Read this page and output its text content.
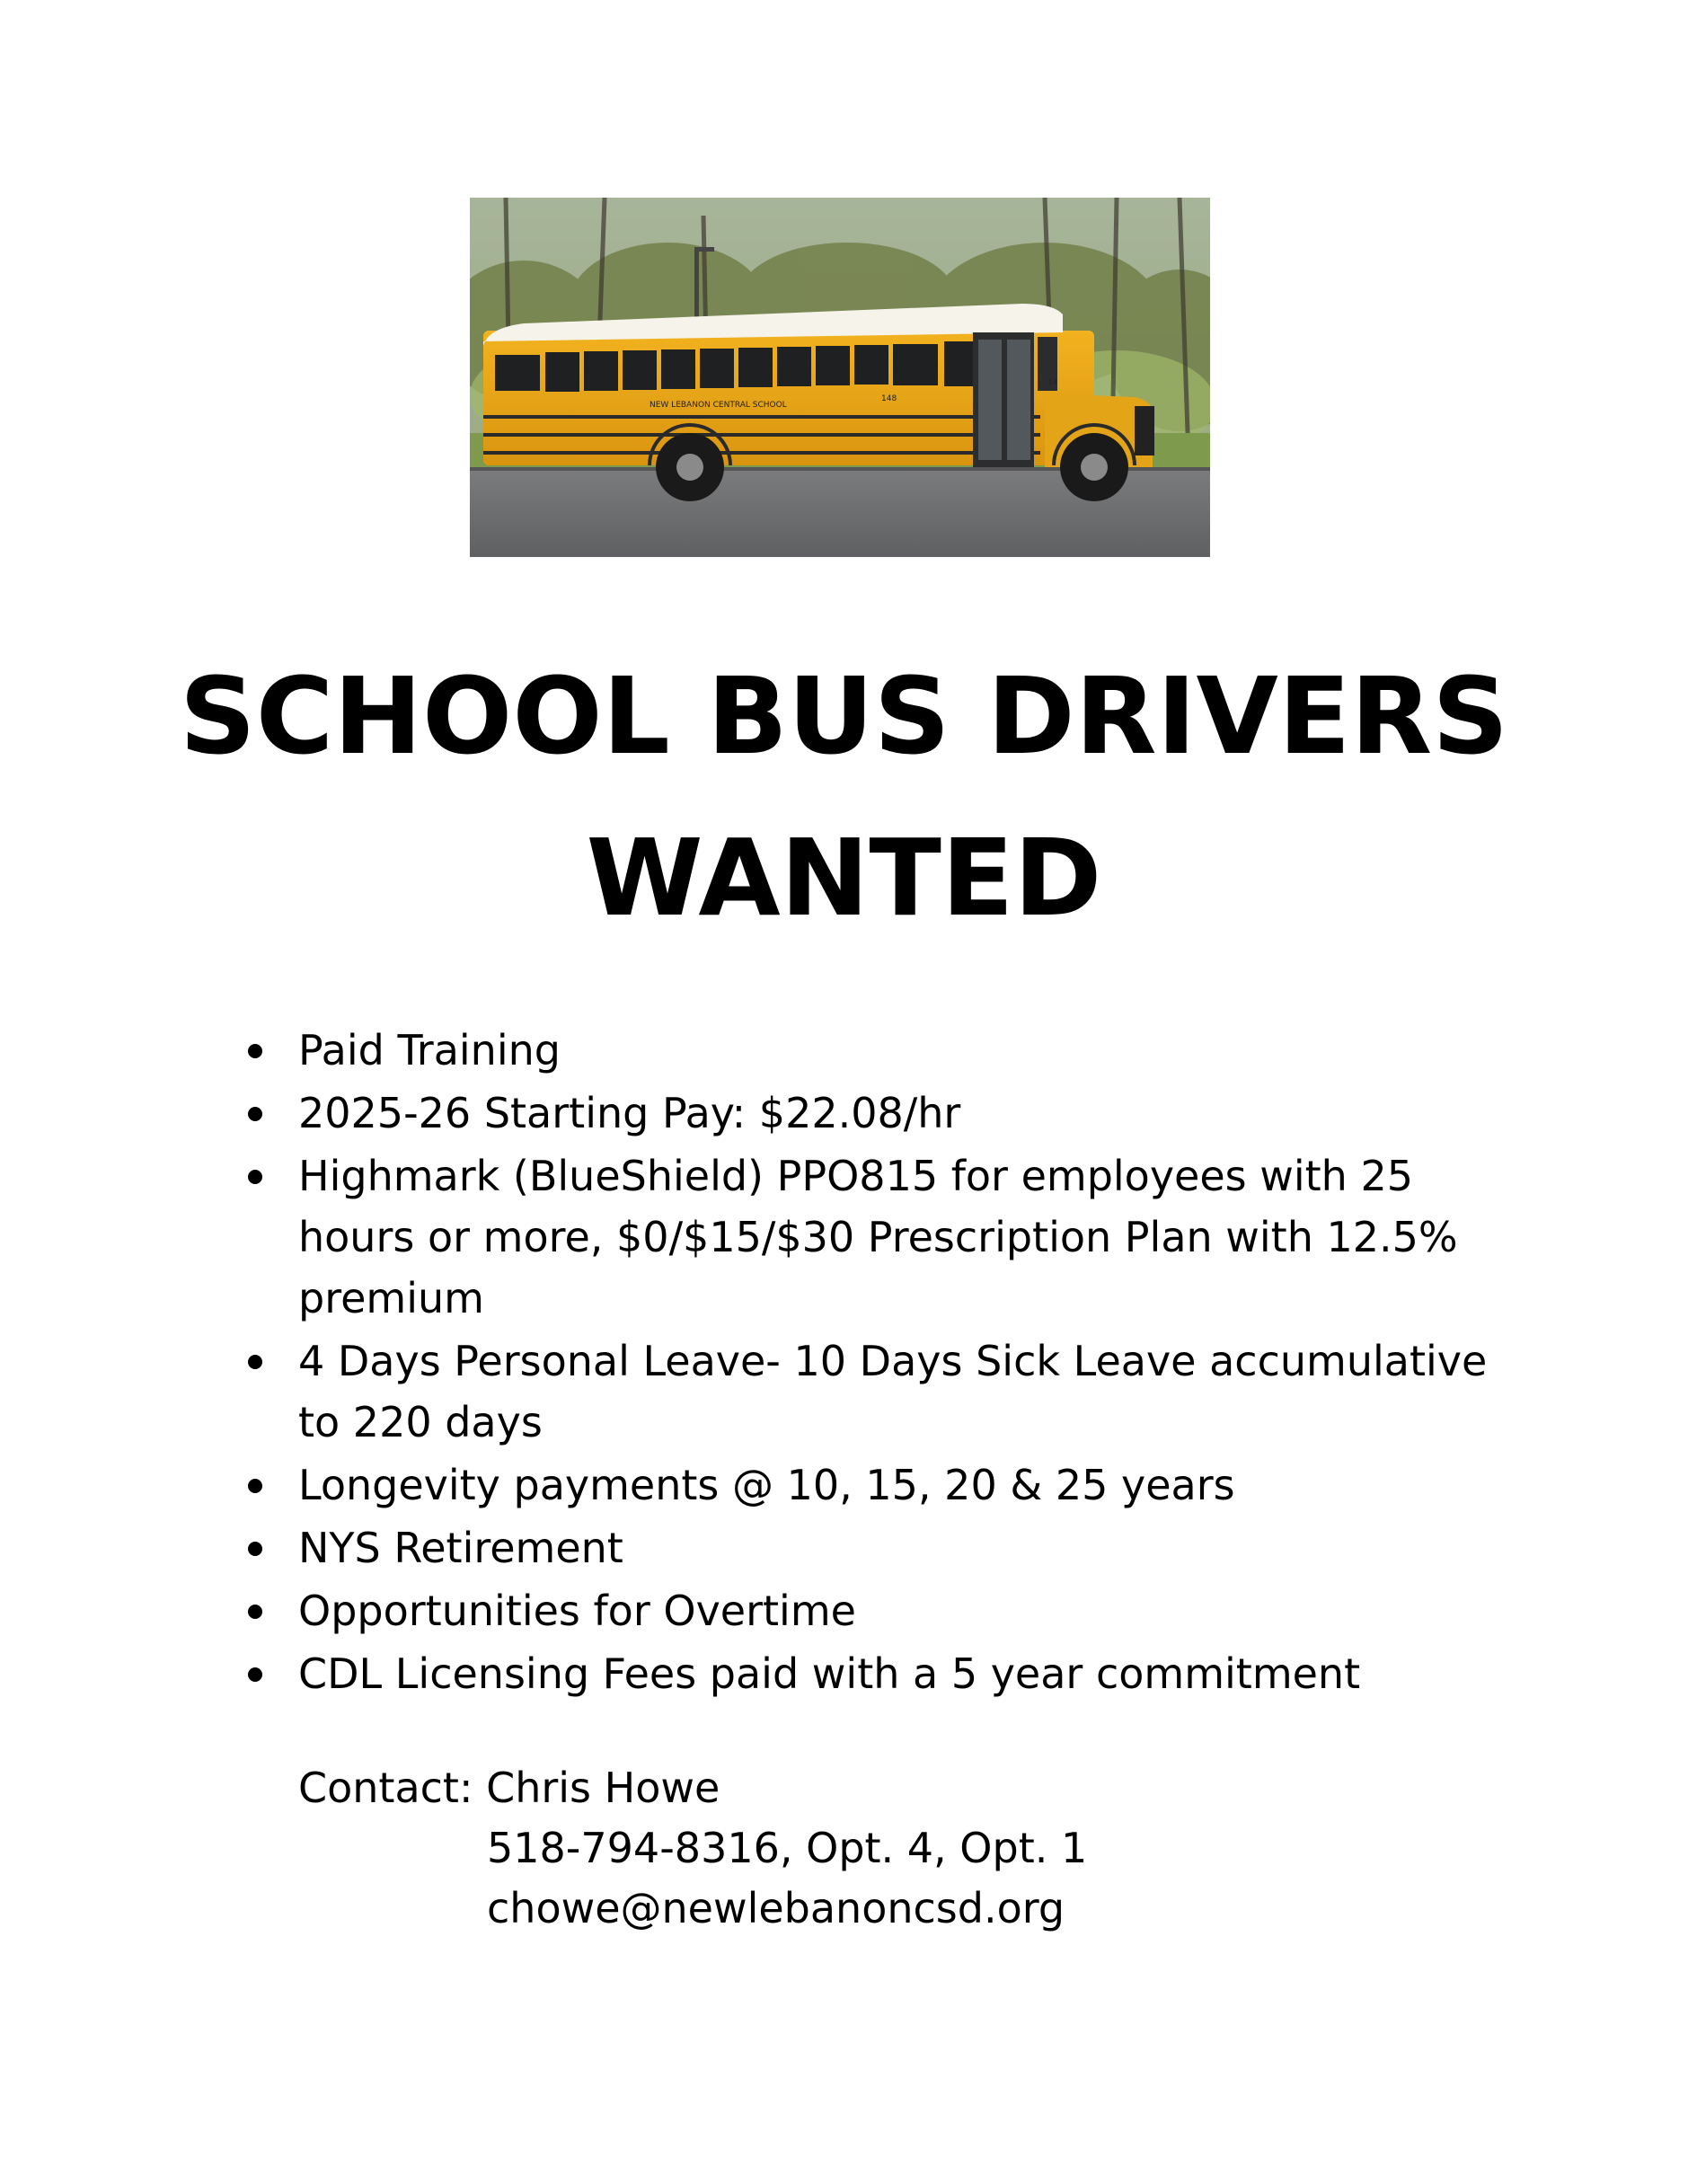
NEW LEBANON CENTRAL SCHOOL
148
14
SCHOOL BUS DRIVERS
WANTED
Paid Training
2025-26 Starting Pay: $22.08/hr
Highmark (BlueShield) PPO815 for employees with 25 hours or more, $0/$15/$30 Prescription Plan with 12.5% premium
4 Days Personal Leave- 10 Days Sick Leave accumulative to 220 days
Longevity payments @ 10, 15, 20 & 25 years
NYS Retirement
Opportunities for Overtime
CDL Licensing Fees paid with a 5 year commitment
Contact: Chris Howe
518-794-8316, Opt. 4, Opt. 1
chowe@newlebanoncsd.org
